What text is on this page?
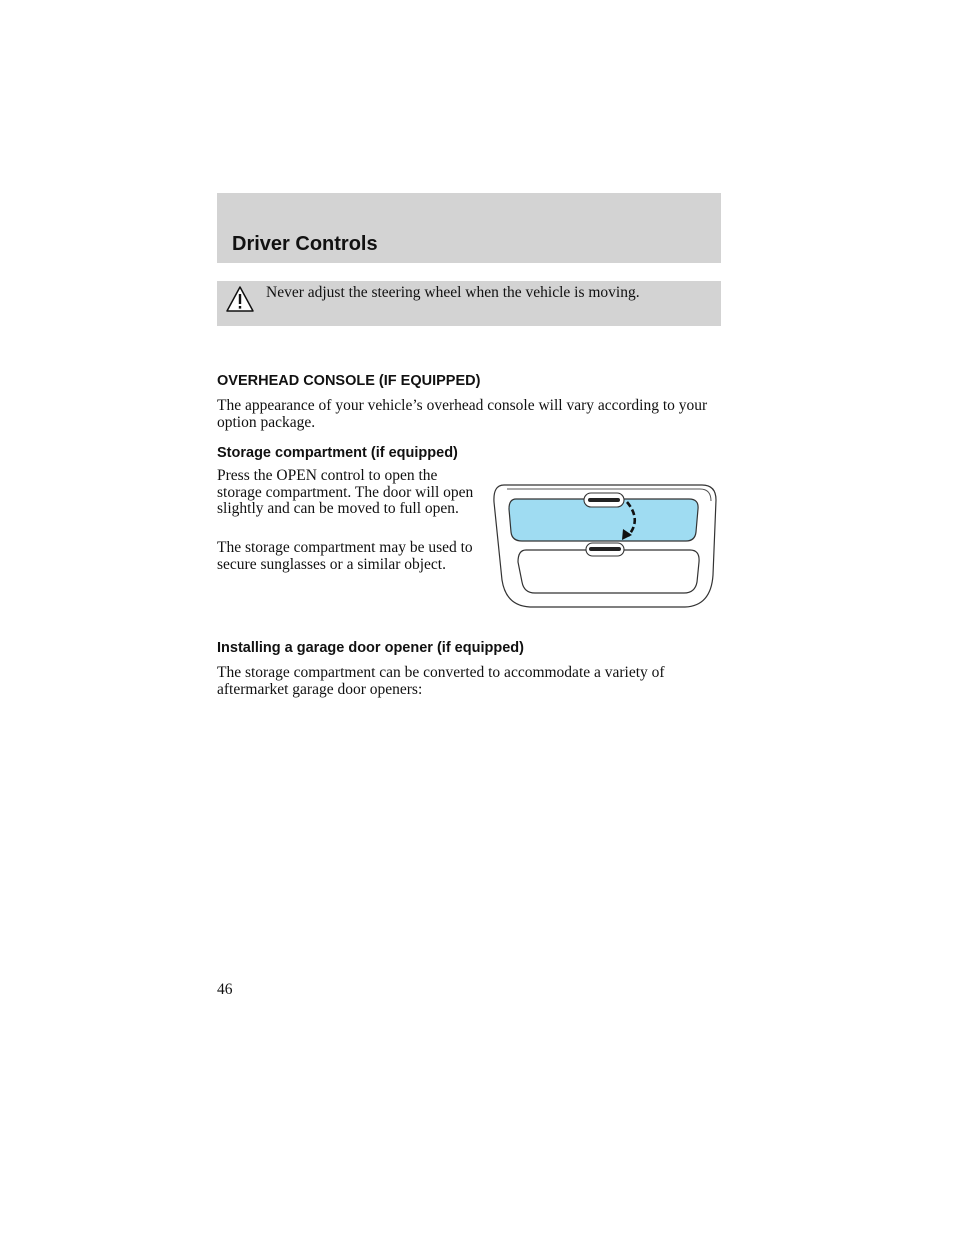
Driver Controls
Never adjust the steering wheel when the vehicle is moving.
OVERHEAD CONSOLE (IF EQUIPPED)

The appearance of your vehicle’s overhead console will vary according to your option package.

Storage compartment (if equipped)

Press the OPEN control to open the storage compartment. The door will open slightly and can be moved to full open.

The storage compartment may be used to secure sunglasses or a similar object.

Installing a garage door opener (if equipped)

The storage compartment can be converted to accommodate a variety of aftermarket garage door openers:

46
